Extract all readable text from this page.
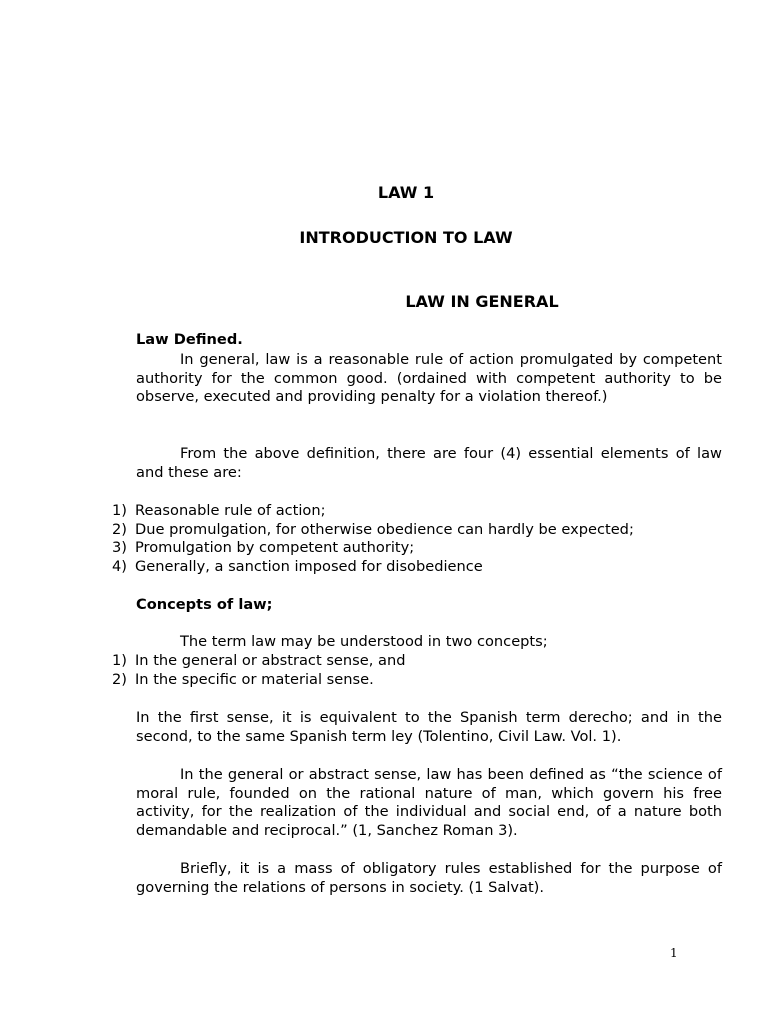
LAW 1
INTRODUCTION TO LAW
LAW IN GENERAL
Law Defined.

In general, law is a reasonable rule of action promulgated by competent authority for the common good. (ordained with competent authority to be observe, executed and providing penalty for a violation thereof.)

From the above definition, there are four (4) essential elements of law and these are:

1) Reasonable rule of action;
2) Due promulgation, for otherwise obedience can hardly be expected;
3) Promulgation by competent authority;
4) Generally, a sanction imposed for disobedience
Concepts of law;

The term law may be understood in two concepts;

1) In the general or abstract sense, and
2) In the specific or material sense.

In the first sense, it is equivalent to the Spanish term derecho; and in the second, to the same Spanish term ley (Tolentino, Civil Law. Vol. 1).

In the general or abstract sense, law has been defined as “the science of moral rule, founded on the rational nature of man, which govern his free activity, for the realization of the individual and social end, of a nature both demandable and reciprocal.” (1, Sanchez Roman 3).

Briefly, it is a mass of obligatory rules established for the purpose of governing the relations of persons in society. (1 Salvat).

1
